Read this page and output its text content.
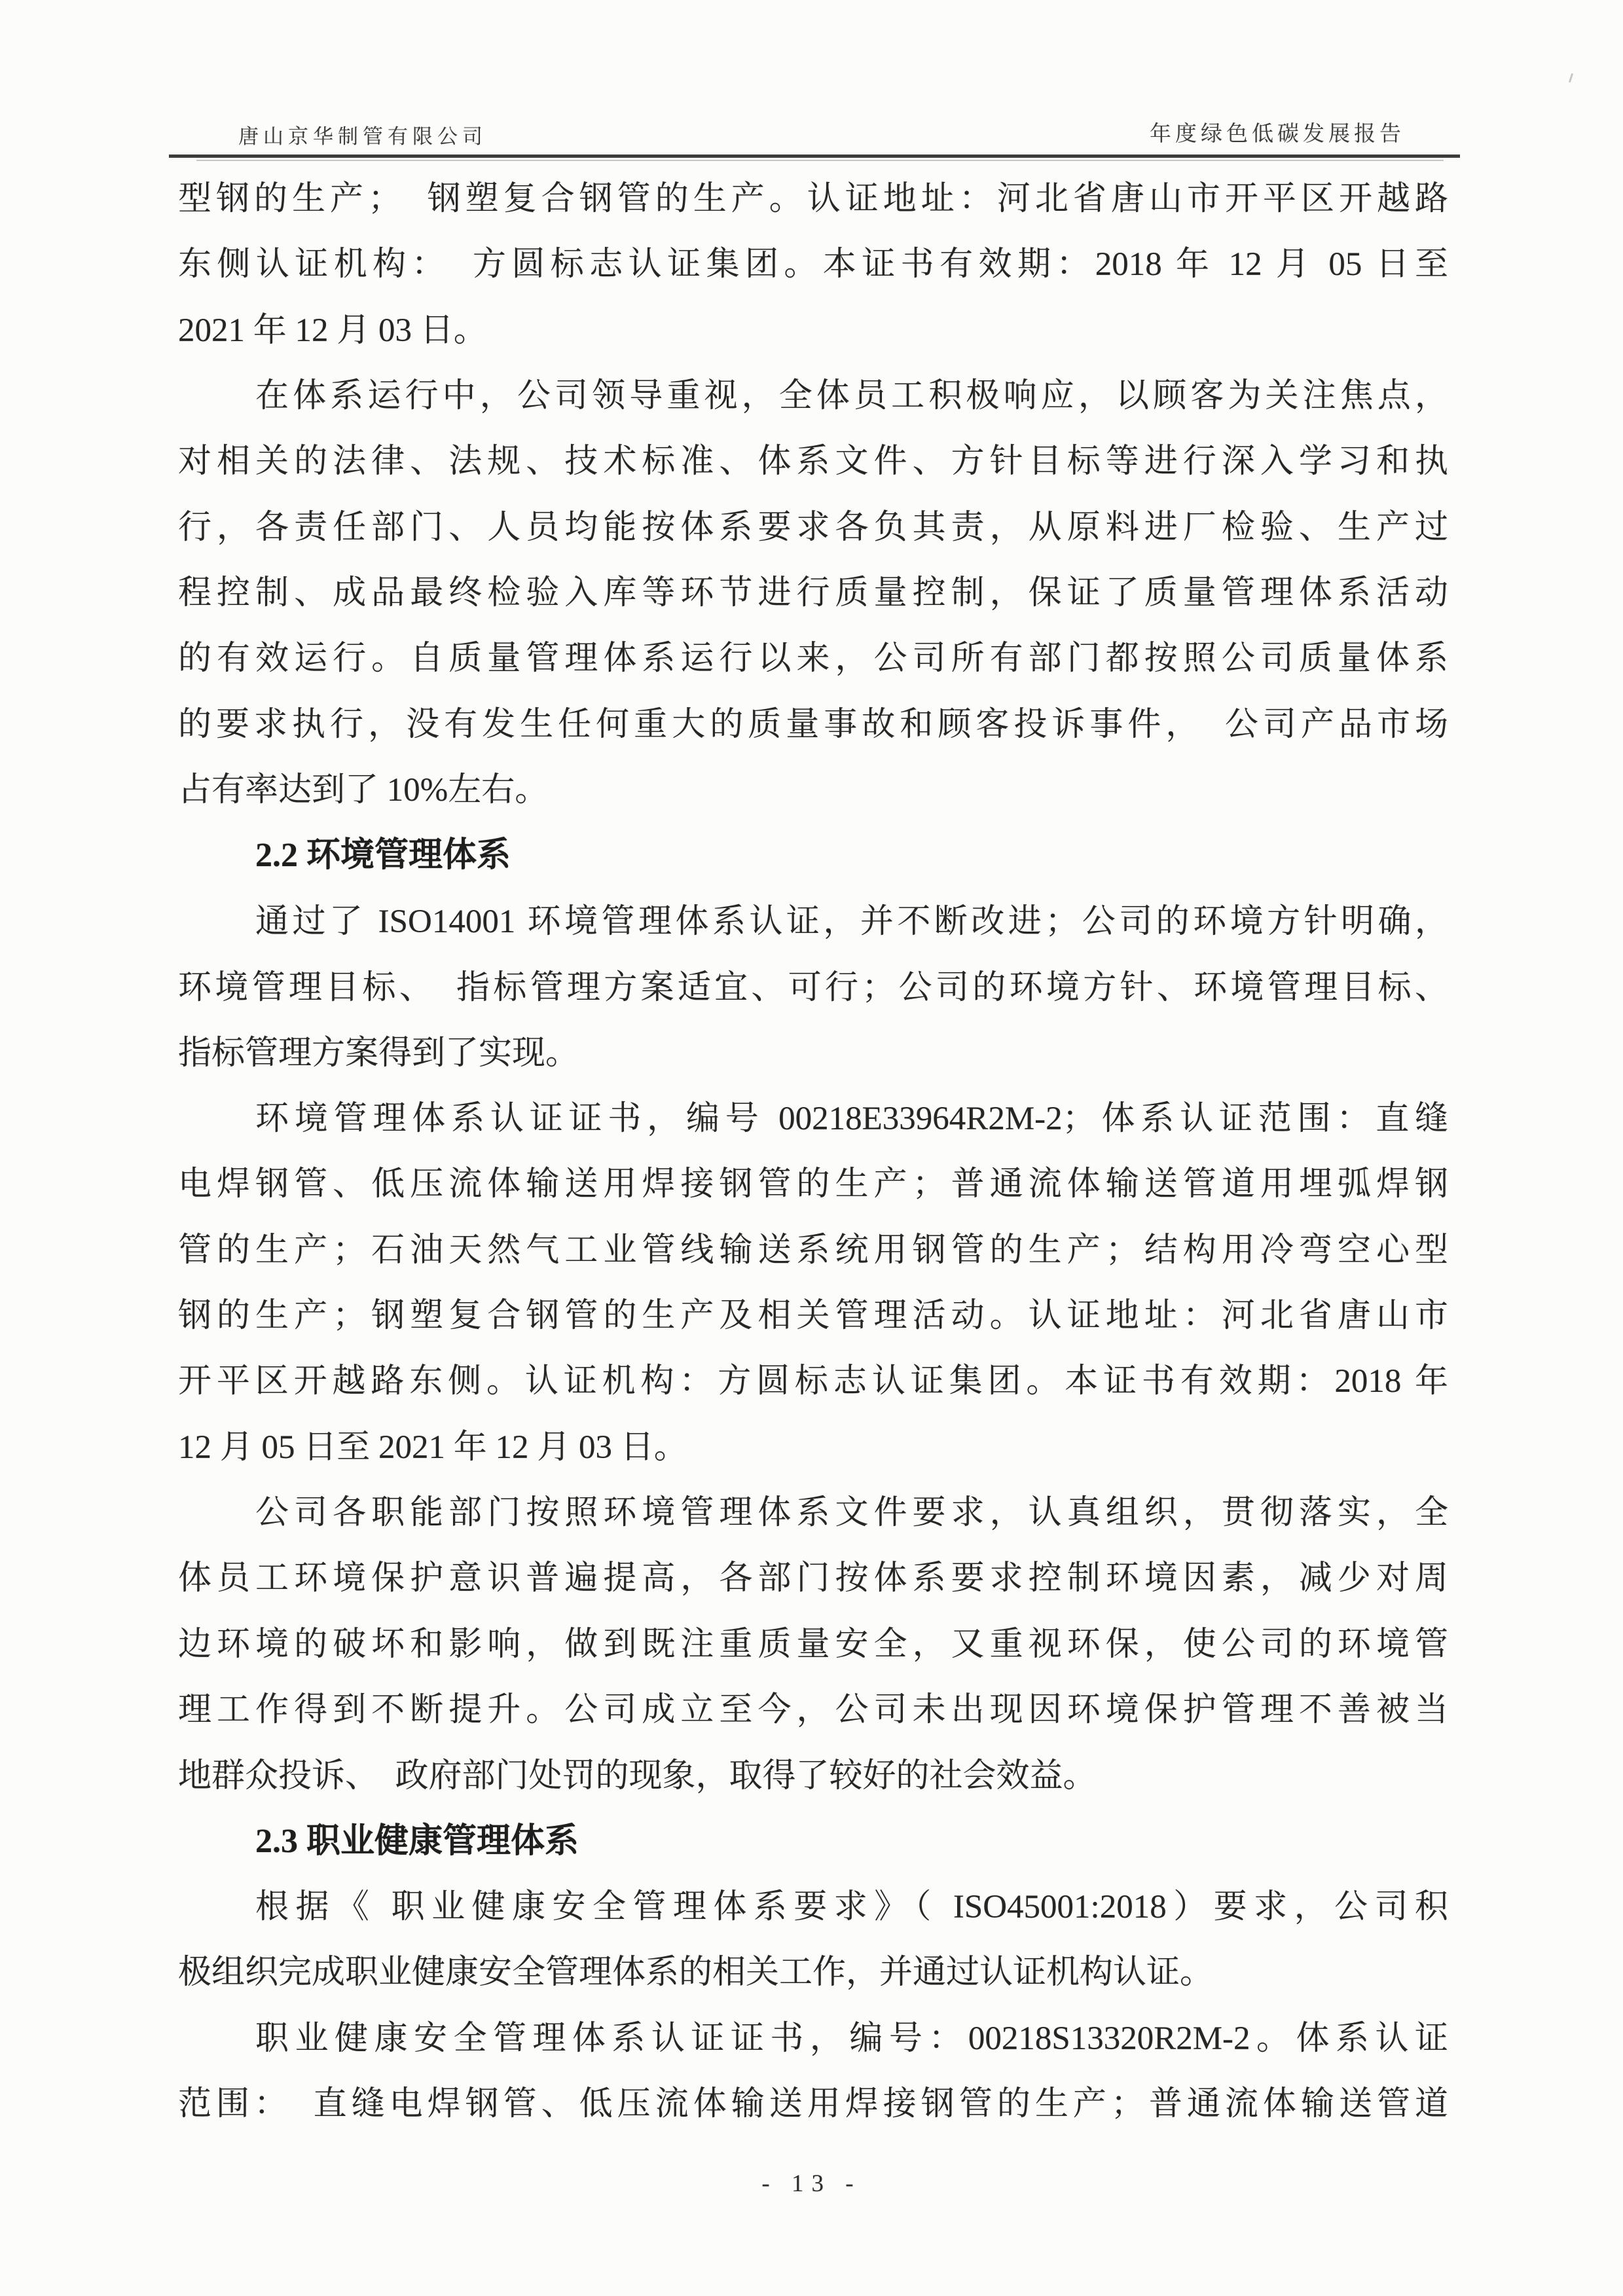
唐山京华制管有限公司	年度绿色低碳发展报告
型钢的生产；　钢塑复合钢管的生产。认证地址：河北省唐山市开平区开越路
东侧认证机构：　方圆标志认证集团。本证书有效期：2018 年 12 月 05 日至
2021 年 12 月 03 日。
在体系运行中，公司领导重视，全体员工积极响应，以顾客为关注焦点，
对相关的法律、法规、技术标准、体系文件、方针目标等进行深入学习和执
行，各责任部门、人员均能按体系要求各负其责，从原料进厂检验、生产过
程控制、成品最终检验入库等环节进行质量控制，保证了质量管理体系活动
的有效运行。自质量管理体系运行以来，公司所有部门都按照公司质量体系
的要求执行，没有发生任何重大的质量事故和顾客投诉事件，　公司产品市场
占有率达到了 10%左右。
2.2 环境管理体系
通过了 ISO14001 环境管理体系认证，并不断改进；公司的环境方针明确，
环境管理目标、　指标管理方案适宜、可行；公司的环境方针、环境管理目标、
指标管理方案得到了实现。
环境管理体系认证证书，编号 00218E33964R2M-2；体系认证范围：直缝
电焊钢管、低压流体输送用焊接钢管的生产；普通流体输送管道用埋弧焊钢
管的生产；石油天然气工业管线输送系统用钢管的生产；结构用冷弯空心型
钢的生产；钢塑复合钢管的生产及相关管理活动。认证地址：河北省唐山市
开平区开越路东侧。认证机构：方圆标志认证集团。本证书有效期：2018 年
12 月 05 日至 2021 年 12 月 03 日。
公司各职能部门按照环境管理体系文件要求，认真组织，贯彻落实，全
体员工环境保护意识普遍提高，各部门按体系要求控制环境因素，减少对周
边环境的破坏和影响，做到既注重质量安全，又重视环保，使公司的环境管
理工作得到不断提升。公司成立至今，公司未出现因环境保护管理不善被当
地群众投诉、　政府部门处罚的现象，取得了较好的社会效益。
2.3 职业健康管理体系
根据《 职业健康安全管理体系要求》（ ISO45001:2018）要求，公司积
极组织完成职业健康安全管理体系的相关工作，并通过认证机构认证。
职业健康安全管理体系认证证书，编号：00218S13320R2M-2。体系认证
范围：　直缝电焊钢管、低压流体输送用焊接钢管的生产；普通流体输送管道
- 13 -
